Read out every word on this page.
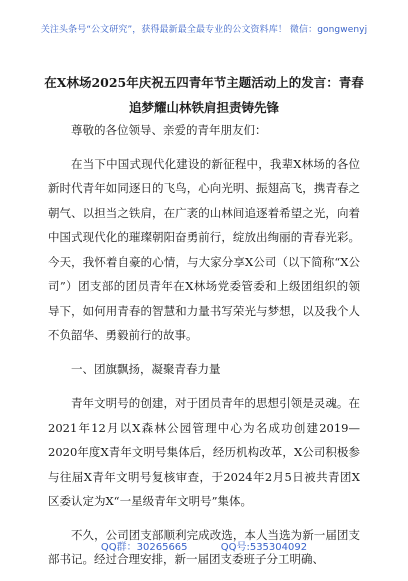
关注头条号“公文研究”，获得最新最全最专业的公文资料库！ 微信：gongwenyj
在X林场2025年庆祝五四青年节主题活动上的发言：青春
追梦耀山林铁肩担责铸先锋

尊敬的各位领导、亲爱的青年朋友们：

在当下中国式现代化建设的新征程中，我辈X林场的各位新时代青年如同逐日的飞鸟，心向光明、振翅高飞，携青春之朝气、以担当之铁肩，在广袤的山林间追逐着希望之光，向着中国式现代化的璀璨朝阳奋勇前行，绽放出绚丽的青春光彩。今天，我怀着自豪的心情，与大家分享X公司（以下简称“X公司”）团支部的团员青年在X林场党委管委和上级团组织的领导下，如何用青春的智慧和力量书写荣光与梦想，以及我个人不负韶华、勇毅前行的故事。

一、团旗飘扬，凝聚青春力量

青年文明号的创建，对于团员青年的思想引领是灵魂。在2021年12月以X森林公园管理中心为名成功创建2019—2020年度X青年文明号集体后，经历机构改革，X公司积极参与往届X青年文明号复核审查，于2024年2月5日被共青团X区委认定为X“一星级青年文明号”集体。

不久，公司团支部顺利完成改选，本人当选为新一届团支部书记。经过合理安排，新一届团支委班子分工明确、

QQ群：30265665	QQ号:535304092
